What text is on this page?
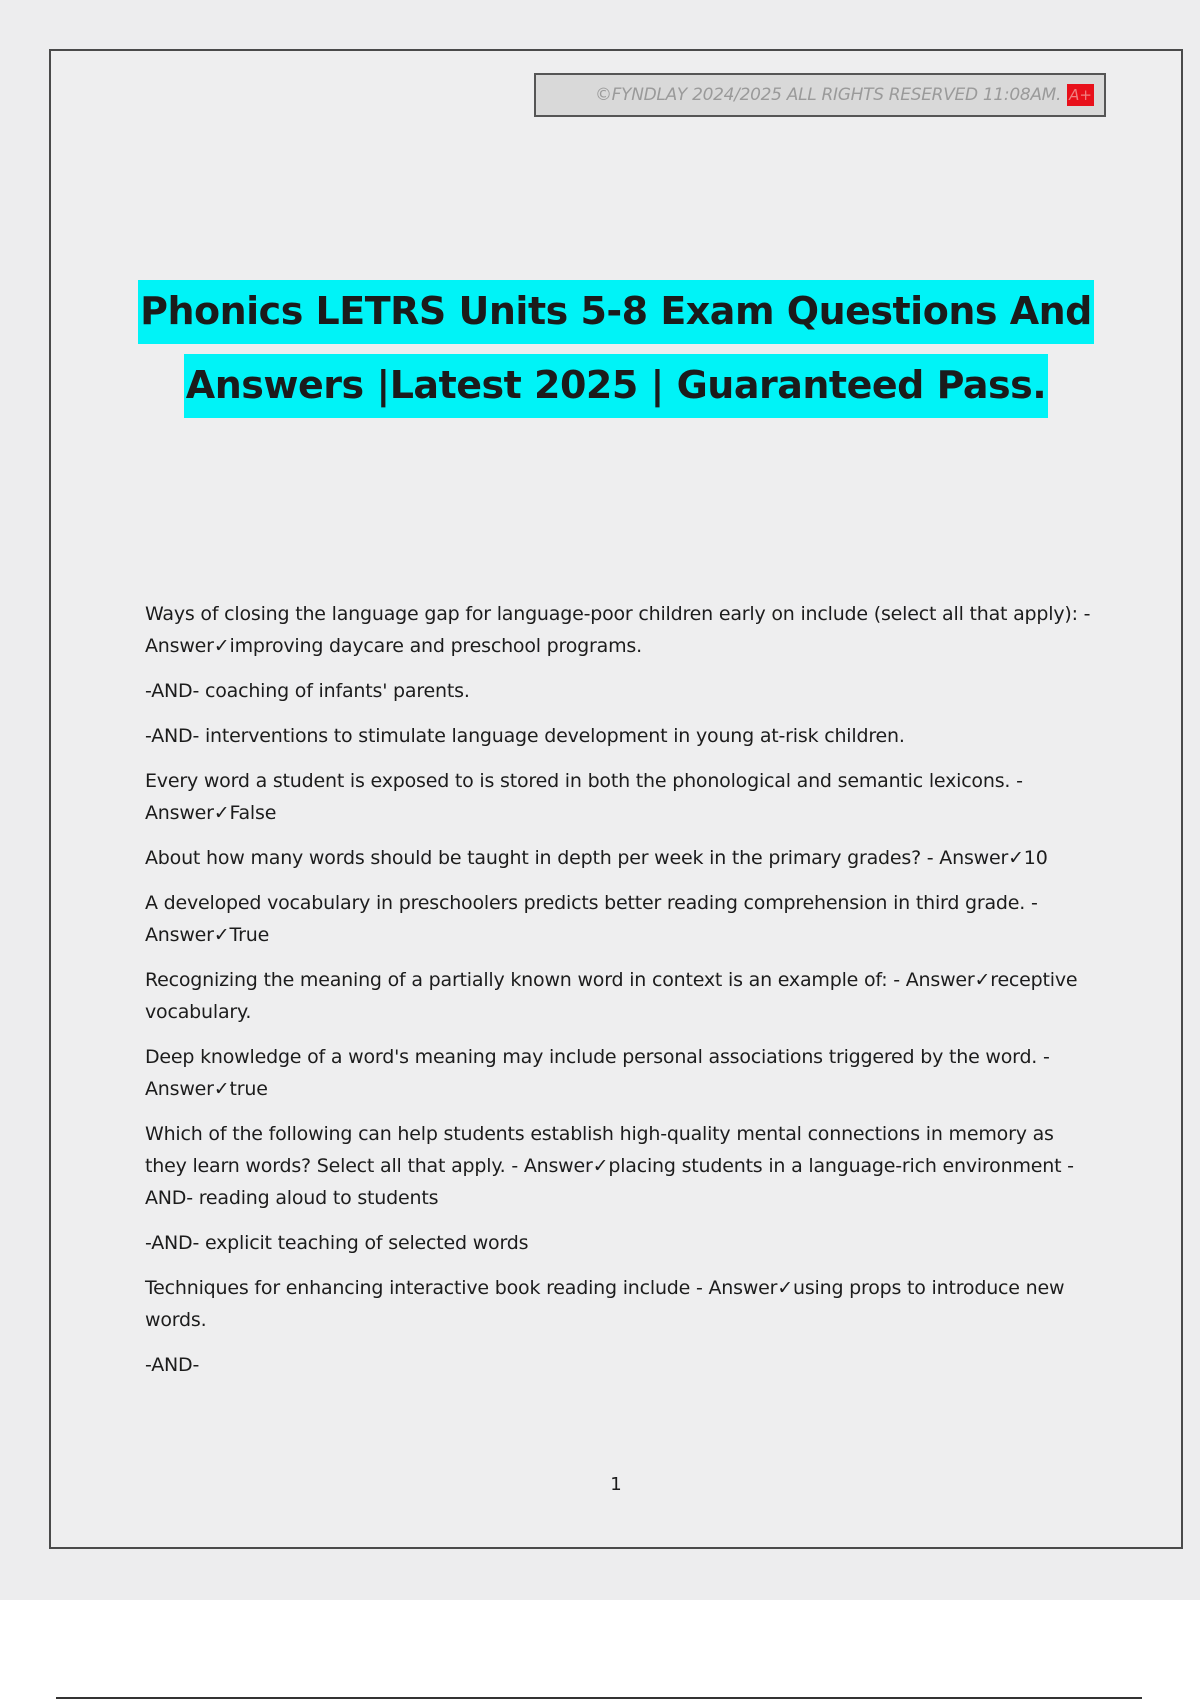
©FYNDLAY 2024/2025 ALL RIGHTS RESERVED 11:08AM. A+
Phonics LETRS Units 5-8 Exam Questions And
Answers |Latest 2025 | Guaranteed Pass.

Ways of closing the language gap for language-poor children early on include (select all that apply): - Answer✓improving daycare and preschool programs.

-AND- coaching of infants' parents.

-AND- interventions to stimulate language development in young at-risk children.

Every word a student is exposed to is stored in both the phonological and semantic lexicons. - Answer✓False

About how many words should be taught in depth per week in the primary grades? - Answer✓10

A developed vocabulary in preschoolers predicts better reading comprehension in third grade. - Answer✓True

Recognizing the meaning of a partially known word in context is an example of: - Answer✓receptive vocabulary.

Deep knowledge of a word's meaning may include personal associations triggered by the word. - Answer✓true

Which of the following can help students establish high-quality mental connections in memory as they learn words? Select all that apply. - Answer✓placing students in a language-rich environment -AND- reading aloud to students

-AND- explicit teaching of selected words

Techniques for enhancing interactive book reading include - Answer✓using props to introduce new words.

-AND-

1
